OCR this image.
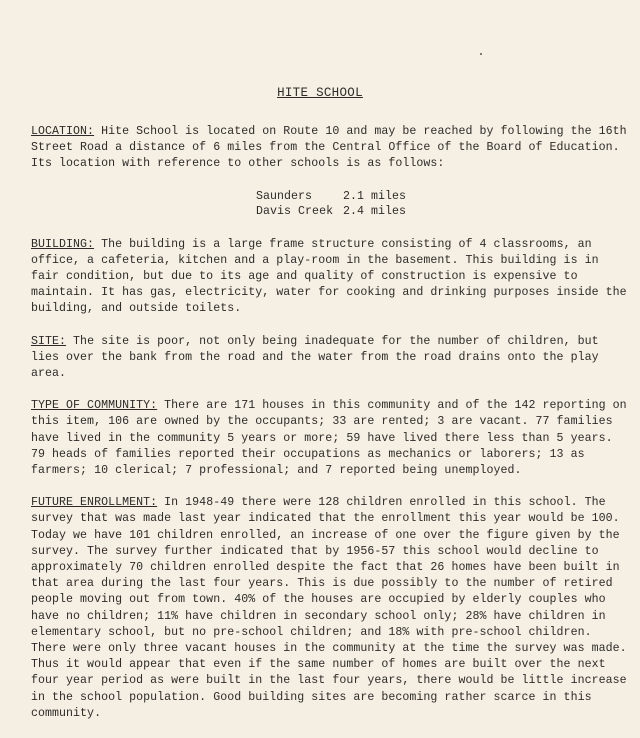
HITE SCHOOL

LOCATION: Hite School is located on Route 10 and may be reached by following the 16th Street Road a distance of 6 miles from the Central Office of the Board of Education. Its location with reference to other schools is as follows:

Saunders	2.1 miles
Davis Creek 2.4 miles

BUILDING: The building is a large frame structure consisting of 4 classrooms, an office, a cafeteria, kitchen and a play-room in the basement. This building is in fair condition, but due to its age and quality of construction is expensive to maintain. It has gas, electricity, water for cooking and drinking purposes inside the building, and outside toilets.

SITE: The site is poor, not only being inadequate for the number of children, but lies over the bank from the road and the water from the road drains onto the play area.

TYPE OF COMMUNITY: There are 171 houses in this community and of the 142 reporting on this item, 106 are owned by the occupants; 33 are rented; 3 are vacant. 77 families have lived in the community 5 years or more; 59 have lived there less than 5 years. 79 heads of families reported their occupations as mechanics or laborers; 13 as farmers; 10 clerical; 7 professional; and 7 reported being unemployed.

FUTURE ENROLLMENT: In 1948-49 there were 128 children enrolled in this school. The survey that was made last year indicated that the enrollment this year would be 100. Today we have 101 children enrolled, an increase of one over the figure given by the survey. The survey further indicated that by 1956-57 this school would decline to approximately 70 children enrolled despite the fact that 26 homes have been built in that area during the last four years. This is due possibly to the number of retired people moving out from town. 40% of the houses are occupied by elderly couples who have no children; 11% have children in secondary school only; 28% have children in elementary school, but no pre-school children; and 18% with pre-school children. There were only three vacant houses in the community at the time the survey was made. Thus it would appear that even if the same number of homes are built over the next four year period as were built in the last four years, there would be little increase in the school population. Good building sites are becoming rather scarce in this community.
